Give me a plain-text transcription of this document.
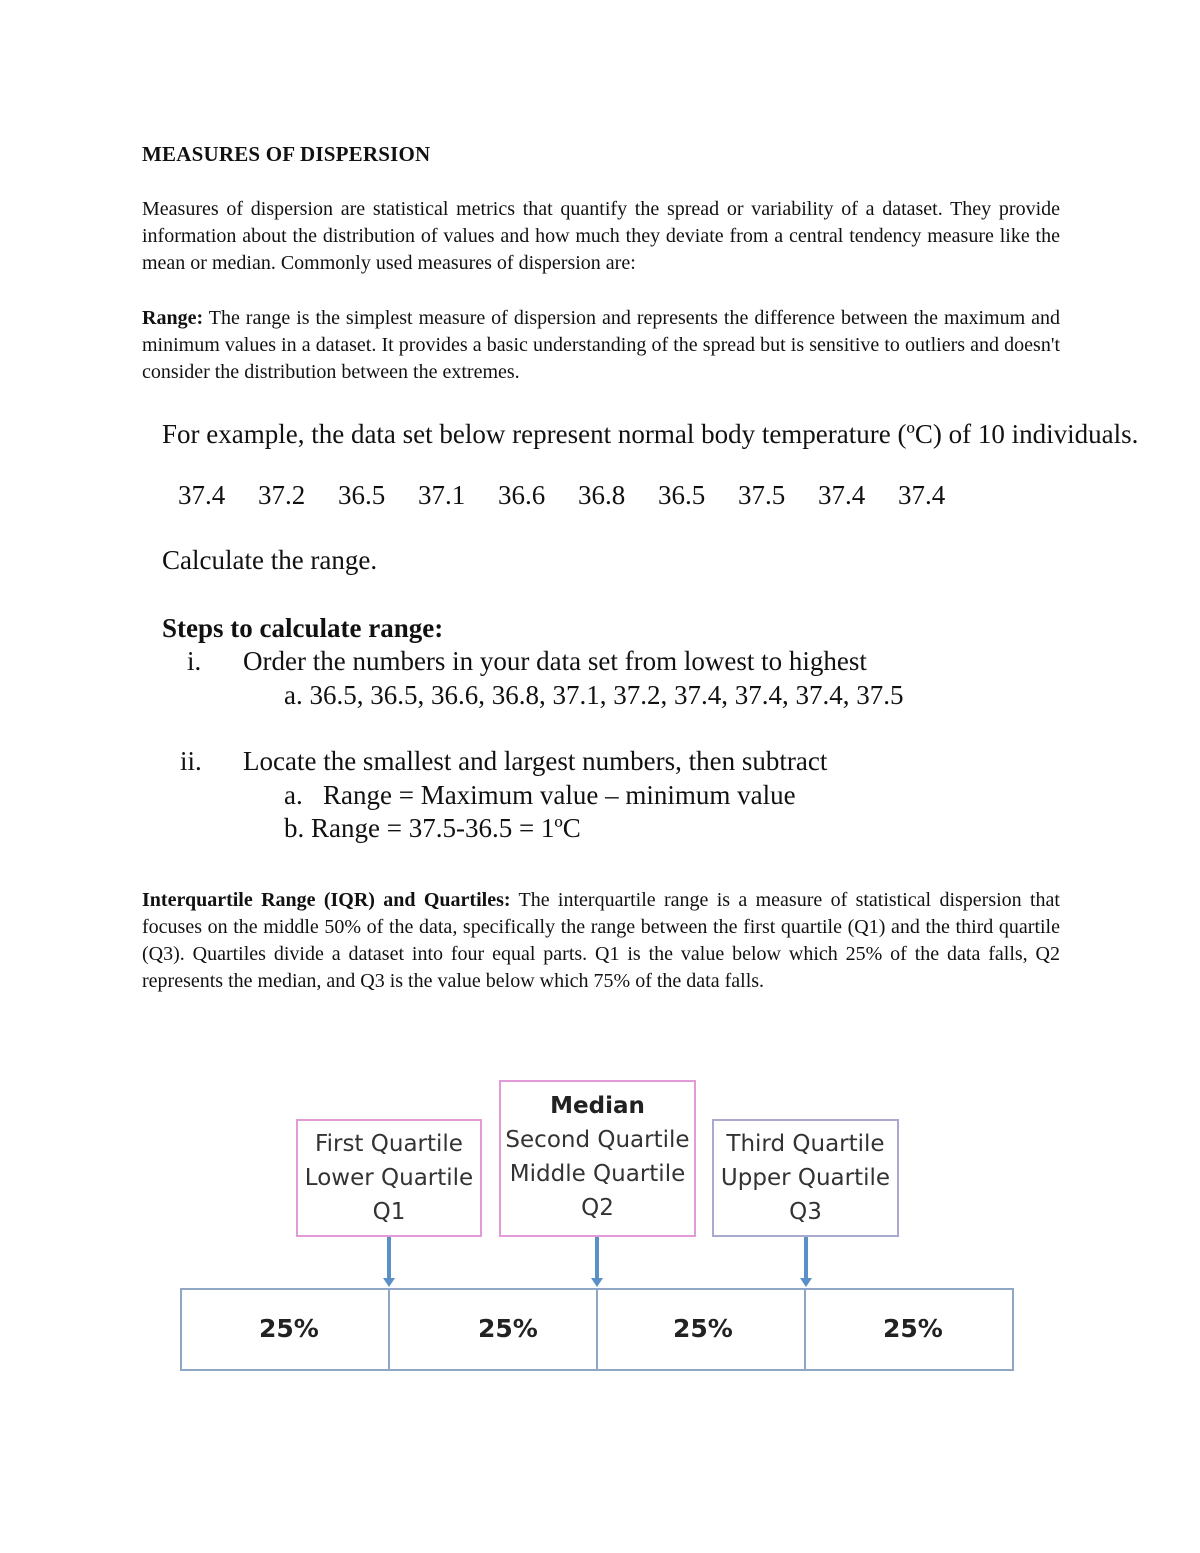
MEASURES OF DISPERSION
Measures of dispersion are statistical metrics that quantify the spread or variability of a dataset. They provide information about the distribution of values and how much they deviate from a central tendency measure like the mean or median. Commonly used measures of dispersion are:
Range: The range is the simplest measure of dispersion and represents the difference between the maximum and minimum values in a dataset. It provides a basic understanding of the spread but is sensitive to outliers and doesn't consider the distribution between the extremes.
For example, the data set below represent normal body temperature (ºC) of 10 individuals.
37.4	37.2	36.5	37.1	36.6	36.8	36.5	37.5	37.4	37.4
Calculate the range.
Steps to calculate range:
i. Order the numbers in your data set from lowest to highest
a. 36.5, 36.5, 36.6, 36.8, 37.1, 37.2, 37.4, 37.4, 37.4, 37.5
ii. Locate the smallest and largest numbers, then subtract
a.   Range = Maximum value – minimum value
b. Range = 37.5-36.5 = 1ºC
Interquartile Range (IQR) and Quartiles: The interquartile range is a measure of statistical dispersion that focuses on the middle 50% of the data, specifically the range between the first quartile (Q1) and the third quartile (Q3). Quartiles divide a dataset into four equal parts. Q1 is the value below which 25% of the data falls, Q2 represents the median, and Q3 is the value below which 75% of the data falls.
First Quartile
Lower Quartile
Q1
Median
Second Quartile
Middle Quartile
Q2
Third Quartile
Upper Quartile
Q3
25%	25%	25%	25%
